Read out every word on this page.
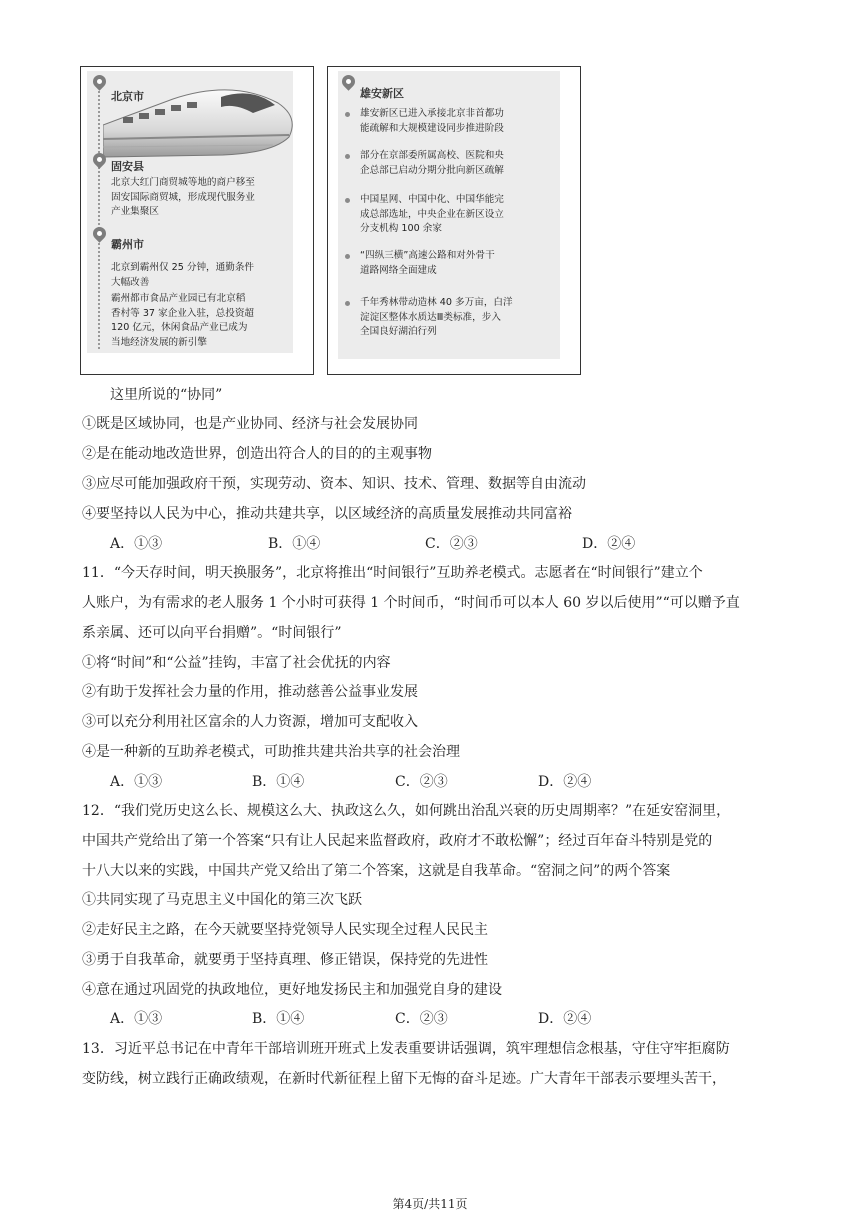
北京市
固安县
北京大红门商贸城等地的商户移至
固安国际商贸城，形成现代服务业
产业集聚区
霸州市
北京到霸州仅 25 分钟，通勤条件
大幅改善
霸州都市食品产业园已有北京稻
香村等 37 家企业入驻，总投资超
120 亿元，休闲食品产业已成为
当地经济发展的新引擎
雄安新区
雄安新区已进入承接北京非首都功
能疏解和大规模建设同步推进阶段
部分在京部委所属高校、医院和央
企总部已启动分期分批向新区疏解
中国星网、中国中化、中国华能完
成总部选址，中央企业在新区设立
分支机构 100 余家
“四纵三横”高速公路和对外骨干
道路网络全面建成
千年秀林带动造林 40 多万亩，白洋
淀淀区整体水质达Ⅲ类标准，步入
全国良好湖泊行列
这里所说的“协同”
①既是区域协同，也是产业协同、经济与社会发展协同
②是在能动地改造世界，创造出符合人的目的的主观事物
③应尽可能加强政府干预，实现劳动、资本、知识、技术、管理、数据等自由流动
④要坚持以人民为中心，推动共建共享，以区域经济的高质量发展推动共同富裕
A．①③	B．①④	C．②③	D．②④
11．“今天存时间，明天换服务”，北京将推出“时间银行”互助养老模式。志愿者在“时间银行”建立个
人账户，为有需求的老人服务 1 个小时可获得 1 个时间币，“时间币可以本人 60 岁以后使用”“可以赠予直
系亲属、还可以向平台捐赠”。“时间银行”
①将“时间”和“公益”挂钩，丰富了社会优抚的内容
②有助于发挥社会力量的作用，推动慈善公益事业发展
③可以充分利用社区富余的人力资源，增加可支配收入
④是一种新的互助养老模式，可助推共建共治共享的社会治理
A．①③	B．①④	C．②③	D．②④
12．“我们党历史这么长、规模这么大、执政这么久，如何跳出治乱兴衰的历史周期率？”在延安窑洞里，
中国共产党给出了第一个答案“只有让人民起来监督政府，政府才不敢松懈”；经过百年奋斗特别是党的
十八大以来的实践，中国共产党又给出了第二个答案，这就是自我革命。“窑洞之问”的两个答案
①共同实现了马克思主义中国化的第三次飞跃
②走好民主之路，在今天就要坚持党领导人民实现全过程人民民主
③勇于自我革命，就要勇于坚持真理、修正错误，保持党的先进性
④意在通过巩固党的执政地位，更好地发扬民主和加强党自身的建设
A．①③	B．①④	C．②③	D．②④
13．习近平总书记在中青年干部培训班开班式上发表重要讲话强调，筑牢理想信念根基，守住守牢拒腐防
变防线，树立践行正确政绩观，在新时代新征程上留下无悔的奋斗足迹。广大青年干部表示要埋头苦干，
第4页/共11页
